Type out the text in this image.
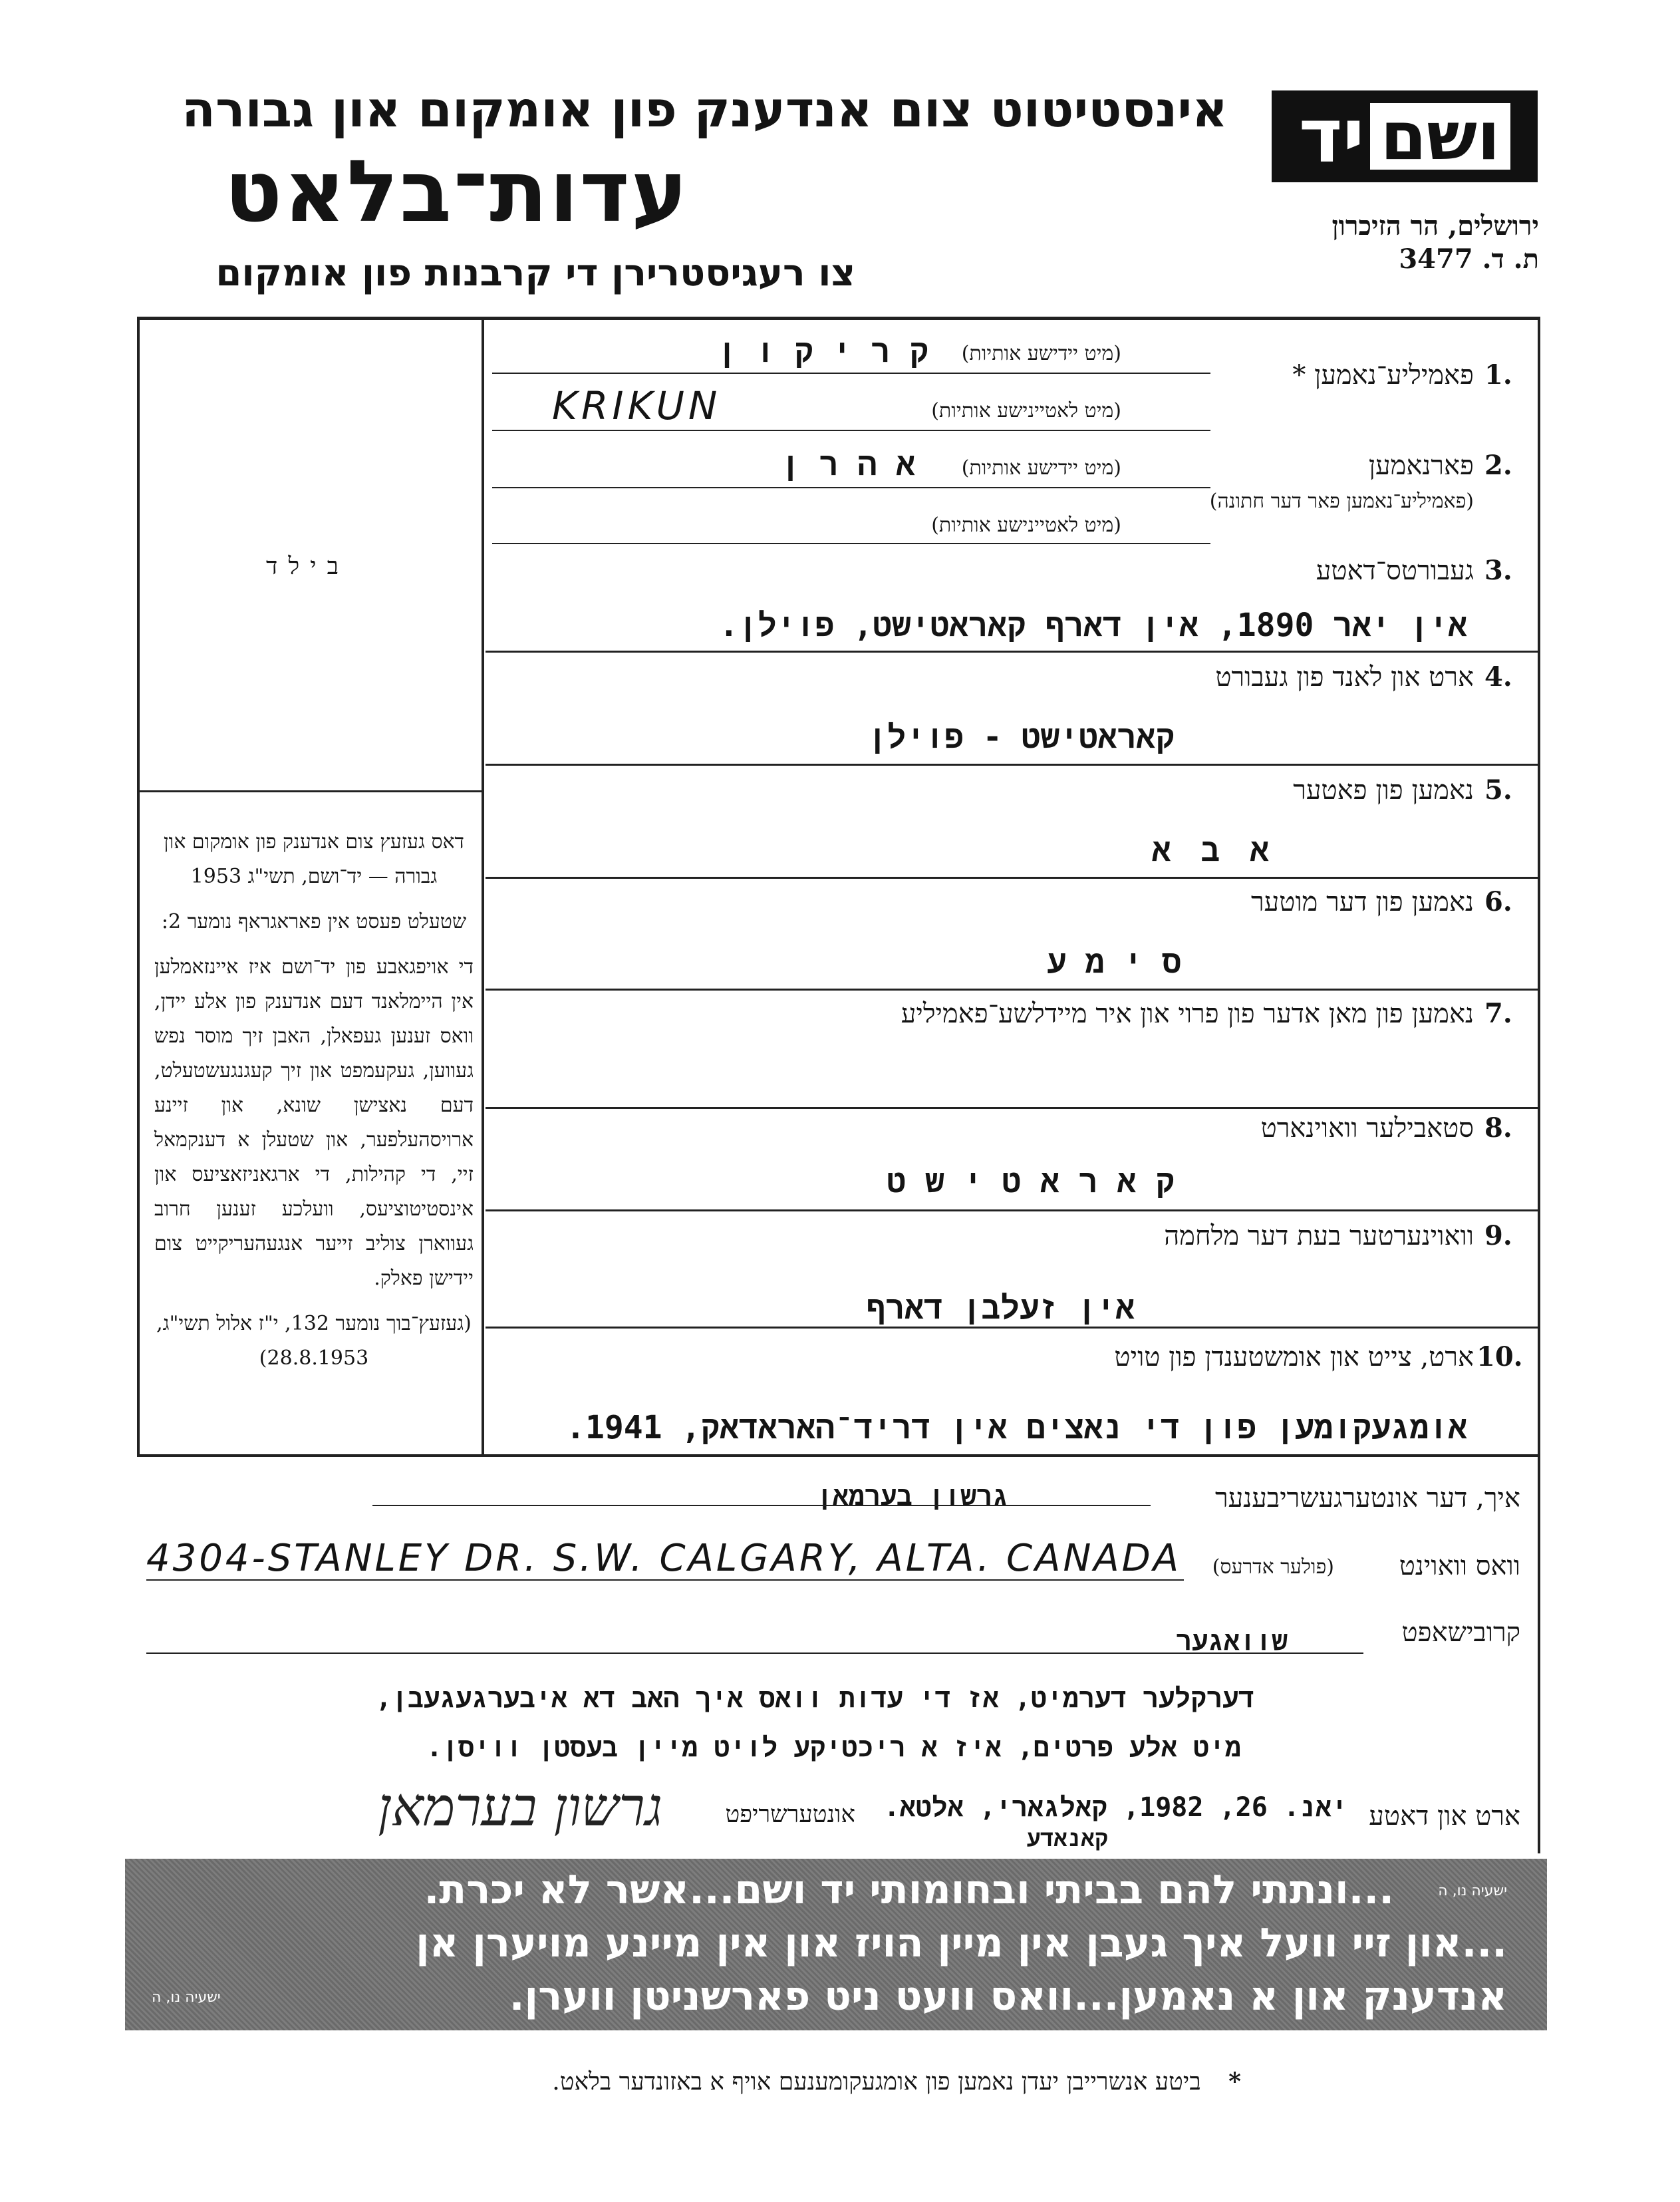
אינסטיטוט צום אנדענק פון אומקום און גבורה
עדות־בלאט
צו רעגיסטרירן די קרבנות פון אומקום
ושם
יד
ירושלים, הר הזיכרון
ת. ד. 3477
בילד
דאס געזעץ צום אנדענק פון אומקום און גבורה — יד־ושם, תשי"ג 1953
שטעלט פעסט אין פאראגראף נומער 2:
די אויפגאבע פון יד־ושם איז איינזאמלען אין היימלאנד דעם אנדענק פון אלע יידן, וואס זענען געפאלן, האבן זיך מוסר נפש געווען, געקעמפט און זיך קעגנגעשטעלט, דעם נאצישן שונא, און זיינע ארויסהעלפער, און שטעלן א דענקמאל זיי, די קהילות, די ארגאניזאציעס און אינסטיטוציעס, וועלכע זענען חרוב געווארן צוליב זייער אנגעהעריקייט צום יידישן פאלק.
(געזעץ־בוך נומער 132, י"ז אלול תשי"ג, 28.8.1953)
1.
פאמיליע־נאמען *
(מיט יידישע אותיות)
ק ר י ק ו ן
(מיט לאטיינישע אותיות)
KRIKUN
2.
פארנאמען
(פאמיליע־נאמען פאר דער חתונה)
(מיט יידישע אותיות)
א ה ר ן
(מיט לאטיינישע אותיות)
3.
געבורטס־דאטע
אין יאר 1890, אין דארף קאראטישט, פוילן.
4.
ארט און לאנד פון געבורט
קאראטישט - פוילן
5.
נאמען פון פאטער
א ב א
6.
נאמען פון דער מוטער
ס י מ ע
7.
נאמען פון מאן אדער פון פרוי און איר מיידלשע־פאמיליע
8.
סטאבילער וואוינארט
ק א ר א ט י ש ט
9.
וואוינערטער בעת דער מלחמה
אין זעלבן דארף
10.
ארט, צייט און אומשטענדן פון טויט
אומגעקומען פון די נאצים אין דריד־האראדאק, 1941.
איך, דער אונטערגעשריבענער
גרשון בערמאן
וואס וואוינט
(פולער אדרעס)
4304-STANLEY DR. S.W. CALGARY, ALTA. CANADA
קרובישאפט
שוואגער
דערקלער דערמיט, אז די עדות וואס איך האב דא איבערגעגעבן,
מיט אלע פרטים, איז א ריכטיקע לויט מיין בעסטן וויסן.
ארט און דאטע
יאנ. 26, 1982, קאלגארי, אלטא.
קאנאדע
אונטערשריפט
גרשון בערמאן
...ונתתי להם בביתי ובחומותי יד ושם...אשר לא יכרת.	ישעיה נו, ה
...און זיי וועל איך געבן אין מיין הויז און אין מיינע מויערן אן
אנדענק און א נאמען...וואס וועט ניט פארשניטן ווערן.
ישעיה נו, ה
* ביטע אנשרייבן יעדן נאמען פון אומגעקומענעם אויף א באזונדער בלאט.
